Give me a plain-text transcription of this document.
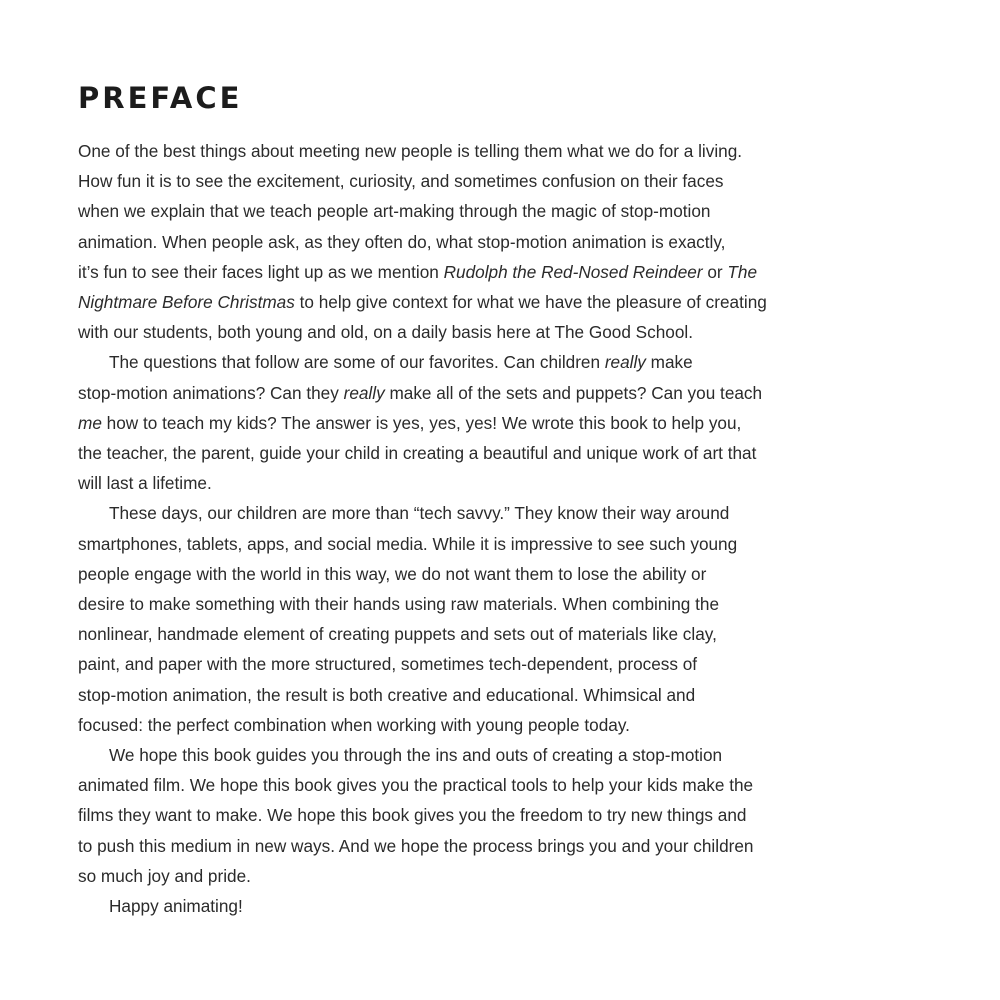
PREFACE

One of the best things about meeting new people is telling them what we do for a living.
How fun it is to see the excitement, curiosity, and sometimes confusion on their faces
when we explain that we teach people art-making through the magic of stop-motion
animation. When people ask, as they often do, what stop-motion animation is exactly,
it’s fun to see their faces light up as we mention Rudolph the Red-Nosed Reindeer or The
Nightmare Before Christmas to help give context for what we have the pleasure of creating
with our students, both young and old, on a daily basis here at The Good School.

The questions that follow are some of our favorites. Can children really make
stop-motion animations? Can they really make all of the sets and puppets? Can you teach
me how to teach my kids? The answer is yes, yes, yes! We wrote this book to help you,
the teacher, the parent, guide your child in creating a beautiful and unique work of art that
will last a lifetime.

These days, our children are more than “tech savvy.” They know their way around
smartphones, tablets, apps, and social media. While it is impressive to see such young
people engage with the world in this way, we do not want them to lose the ability or
desire to make something with their hands using raw materials. When combining the
nonlinear, handmade element of creating puppets and sets out of materials like clay,
paint, and paper with the more structured, sometimes tech-dependent, process of
stop-motion animation, the result is both creative and educational. Whimsical and
focused: the perfect combination when working with young people today.

We hope this book guides you through the ins and outs of creating a stop-motion
animated film. We hope this book gives you the practical tools to help your kids make the
films they want to make. We hope this book gives you the freedom to try new things and
to push this medium in new ways. And we hope the process brings you and your children
so much joy and pride.

Happy animating!
